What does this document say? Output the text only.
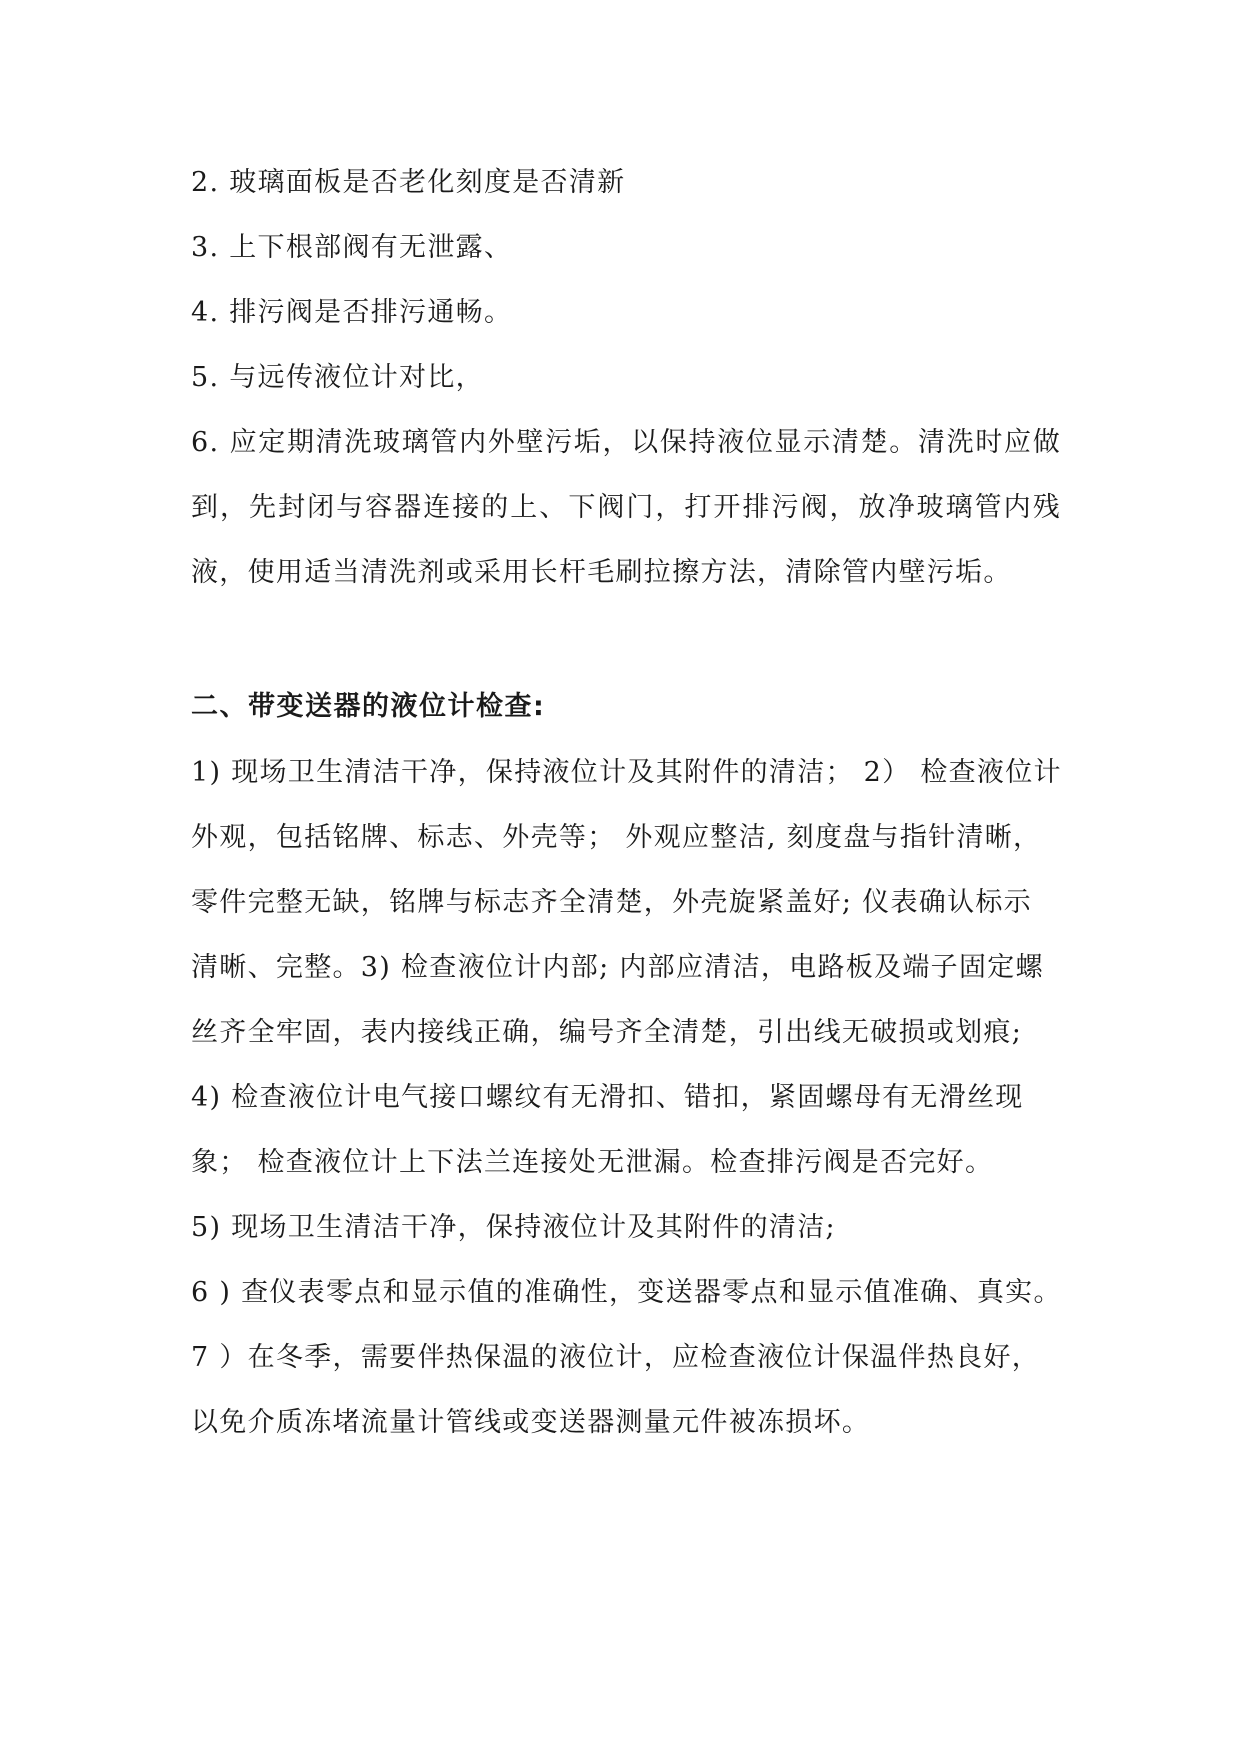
2. 玻璃面板是否老化刻度是否清新
3. 上下根部阀有无泄露、
4. 排污阀是否排污通畅。
5. 与远传液位计对比，
6. 应定期清洗玻璃管内外壁污垢，以保持液位显示清楚。清洗时应做
到，先封闭与容器连接的上、下阀门，打开排污阀，放净玻璃管内残
液，使用适当清洗剂或采用长杆毛刷拉擦方法，清除管内壁污垢。
二、带变送器的液位计检查:
1) 现场卫生清洁干净，保持液位计及其附件的清洁； 2） 检查液位计
外观，包括铭牌、标志、外壳等； 外观应整洁, 刻度盘与指针清晰，
零件完整无缺，铭牌与标志齐全清楚，外壳旋紧盖好; 仪表确认标示
清晰、完整。3) 检查液位计内部; 内部应清洁，电路板及端子固定螺
丝齐全牢固，表内接线正确，编号齐全清楚，引出线无破损或划痕;
4) 检查液位计电气接口螺纹有无滑扣、错扣，紧固螺母有无滑丝现
象； 检查液位计上下法兰连接处无泄漏。检查排污阀是否完好。
5) 现场卫生清洁干净，保持液位计及其附件的清洁;
6 ) 查仪表零点和显示值的准确性，变送器零点和显示值准确、真实。
7 ）在冬季，需要伴热保温的液位计，应检查液位计保温伴热良好，
以免介质冻堵流量计管线或变送器测量元件被冻损坏。
